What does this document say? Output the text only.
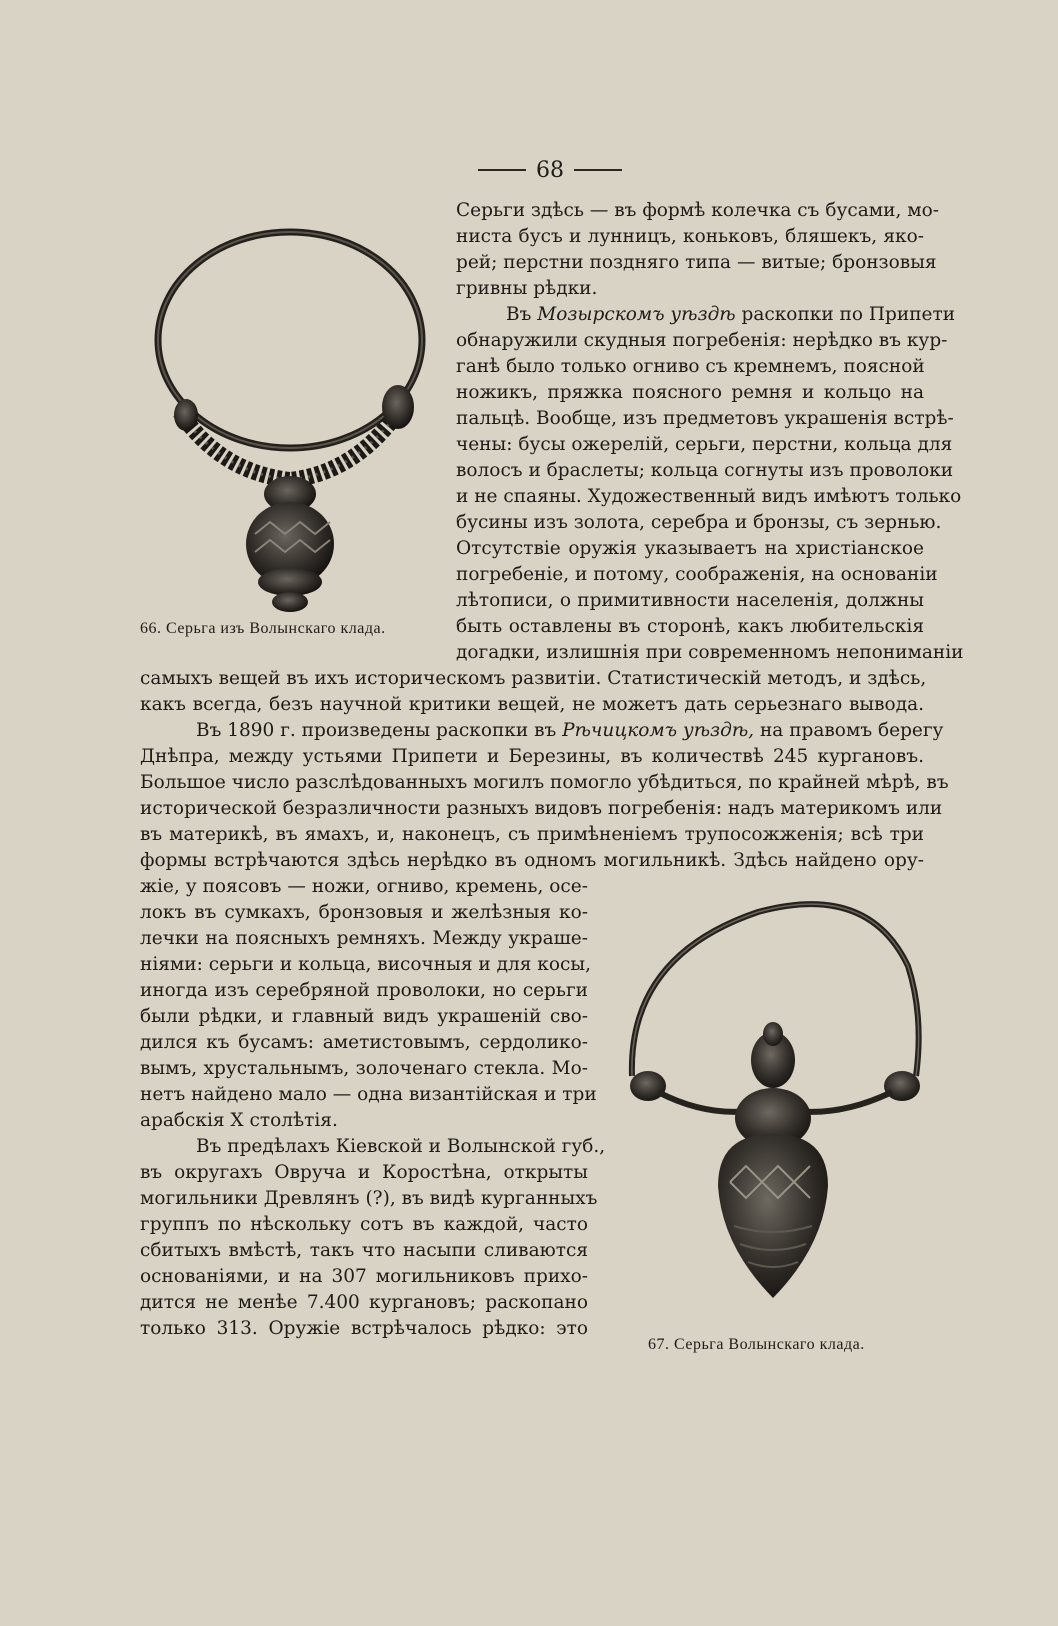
68
66. Серьга изъ Волынскаго клада.
67. Серьга Волынскаго клада.
Серьги здѣсь — въ формѣ колечка съ бусами, мо-
ниста бусъ и лунницъ, коньковъ, бляшекъ, яко-
рей; перстни поздняго типа — витые; бронзовыя
гривны рѣдки.
Въ Мозырскомъ уѣздѣ раскопки по Припети
обнаружили скудныя погребенія: нерѣдко въ кур-
ганѣ было только огниво съ кремнемъ, поясной
ножикъ, пряжка поясного ремня и кольцо на
пальцѣ. Вообще, изъ предметовъ украшенія встрѣ-
чены: бусы ожерелій, серьги, перстни, кольца для
волосъ и браслеты; кольца согнуты изъ проволоки
и не спаяны. Художественный видъ имѣютъ только
бусины изъ золота, серебра и бронзы, съ зернью.
Отсутствіе оружія указываетъ на христіанское
погребеніе, и потому, соображенія, на основаніи
лѣтописи, о примитивности населенія, должны
быть оставлены въ сторонѣ, какъ любительскія
догадки, излишнія при современномъ непониманіи
самыхъ вещей въ ихъ историческомъ развитіи. Статистическій методъ, и здѣсь,
какъ всегда, безъ научной критики вещей, не можетъ дать серьезнаго вывода.
Въ 1890 г. произведены раскопки въ Рѣчицкомъ уѣздѣ, на правомъ берегу
Днѣпра, между устьями Припети и Березины, въ количествѣ 245 кургановъ.
Большое число разслѣдованныхъ могилъ помогло убѣдиться, по крайней мѣрѣ, въ
исторической безразличности разныхъ видовъ погребенія: надъ материкомъ или
въ материкѣ, въ ямахъ, и, наконецъ, съ примѣненіемъ трупосожженія; всѣ три
формы встрѣчаются здѣсь нерѣдко въ одномъ могильникѣ. Здѣсь найдено ору-
жіе, у поясовъ — ножи, огниво, кремень, осе-
локъ въ сумкахъ, бронзовыя и желѣзныя ко-
лечки на поясныхъ ремняхъ. Между украше-
ніями: серьги и кольца, височныя и для косы,
иногда изъ серебряной проволоки, но серьги
были рѣдки, и главный видъ украшеній сво-
дился къ бусамъ: аметистовымъ, сердолико-
вымъ, хрустальнымъ, золоченаго стекла. Мо-
нетъ найдено мало — одна византійская и три
арабскія X столѣтія.
Въ предѣлахъ Кіевской и Волынской губ.,
въ округахъ Овруча и Коростѣна, открыты
могильники Древлянъ (?), въ видѣ курганныхъ
группъ по нѣскольку сотъ въ каждой, часто
сбитыхъ вмѣстѣ, такъ что насыпи сливаются
основаніями, и на 307 могильниковъ прихо-
дится не менѣе 7.400 кургановъ; раскопано
только 313. Оружіе встрѣчалось рѣдко: это
